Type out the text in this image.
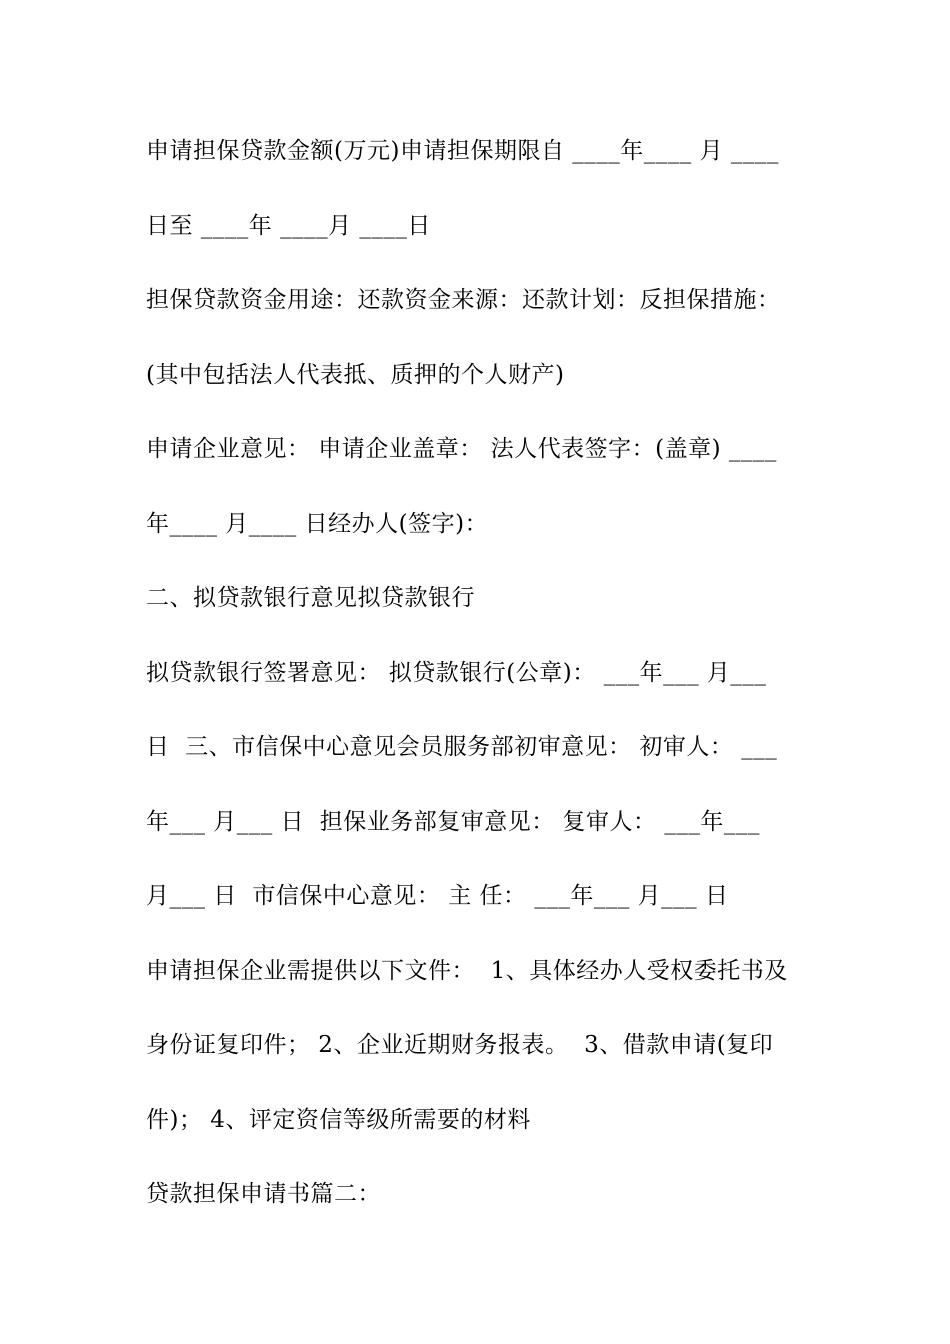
申请担保贷款金额(万元)申请担保期限自 ____年____ 月 ____
日至 ____年 ____月 ____日
担保贷款资金用途：还款资金来源：还款计划：反担保措施：
(其中包括法人代表抵、质押的个人财产)
申请企业意见： 申请企业盖章： 法人代表签字：(盖章) ____
年____ 月____ 日经办人(签字)：
二、拟贷款银行意见拟贷款银行
拟贷款银行签署意见： 拟贷款银行(公章)： ___年___ 月___
日  三、市信保中心意见会员服务部初审意见： 初审人： ___
年___ 月___ 日  担保业务部复审意见： 复审人： ___年___
月___ 日  市信保中心意见： 主 任： ___年___ 月___ 日
申请担保企业需提供以下文件：  1、具体经办人受权委托书及
身份证复印件； 2、企业近期财务报表。  3、借款申请(复印
件)； 4、评定资信等级所需要的材料
贷款担保申请书篇二：
